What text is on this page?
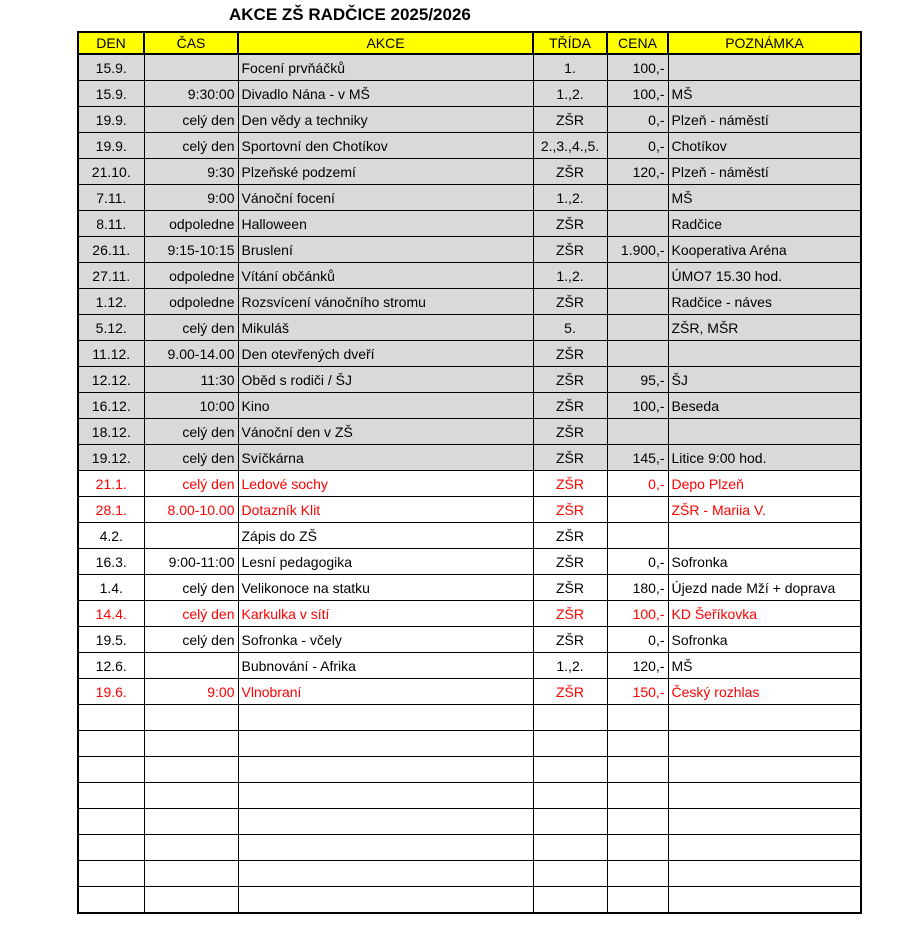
AKCE ZŠ RADČICE 2025/2026
DEN	ČAS	AKCE	TŘÍDA	CENA	POZNÁMKA
15.9.		Focení prvňáčků	1.	100,-	
15.9.	9:30:00	Divadlo Nána - v MŠ	1.,2.	100,-	MŠ
19.9.	celý den	Den vědy a techniky	ZŠR	0,-	Plzeň - náměstí
19.9.	celý den	Sportovní den Chotíkov	2.,3.,4.,5.	0,-	Chotíkov
21.10.	9:30	Plzeňské podzemí	ZŠR	120,-	Plzeň - náměstí
7.11.	9:00	Vánoční focení	1.,2.		MŠ
8.11.	odpoledne	Halloween	ZŠR		Radčice
26.11.	9:15-10:15	Bruslení	ZŠR	1.900,-	Kooperativa Aréna
27.11.	odpoledne	Vítání občánků	1.,2.		ÚMO7 15.30 hod.
1.12.	odpoledne	Rozsvícení vánočního stromu	ZŠR		Radčice - náves
5.12.	celý den	Mikuláš	5.		ZŠR, MŠR
11.12.	9.00-14.00	Den otevřených dveří	ZŠR		
12.12.	11:30	Oběd s rodiči / ŠJ	ZŠR	95,-	ŠJ
16.12.	10:00	Kino	ZŠR	100,-	Beseda
18.12.	celý den	Vánoční den v ZŠ	ZŠR		
19.12.	celý den	Svíčkárna	ZŠR	145,-	Litice 9:00 hod.
21.1.	celý den	Ledové sochy	ZŠR	0,-	Depo Plzeň
28.1.	8.00-10.00	Dotazník Klit	ZŠR		ZŠR - Mariia V.
4.2.		Zápis do ZŠ	ZŠR		
16.3.	9:00-11:00	Lesní pedagogika	ZŠR	0,-	Sofronka
1.4.	celý den	Velikonoce na statku	ZŠR	180,-	Újezd nade Mží + doprava
14.4.	celý den	Karkulka v sítí	ZŠR	100,-	KD Šeříkovka
19.5.	celý den	Sofronka - včely	ZŠR	0,-	Sofronka
12.6.		Bubnování - Afrika	1.,2.	120,-	MŠ
19.6.	9:00	Vlnobraní	ZŠR	150,-	Český rozhlas
